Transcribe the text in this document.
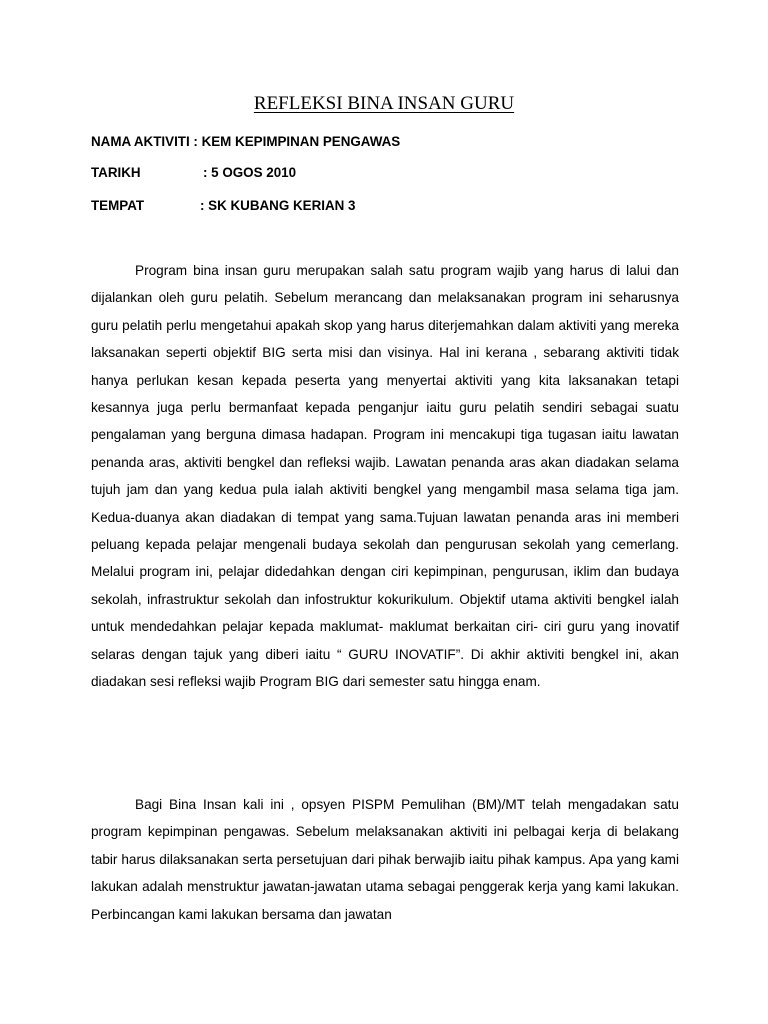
REFLEKSI BINA INSAN GURU
NAMA AKTIVITI : KEM KEPIMPINAN PENGAWAS
TARIKH	: 5 OGOS 2010
TEMPAT	: SK KUBANG KERIAN 3

Program bina insan guru merupakan salah satu program wajib yang harus di lalui dan dijalankan oleh guru pelatih. Sebelum merancang dan melaksanakan program ini seharusnya guru pelatih perlu mengetahui apakah skop yang harus diterjemahkan dalam aktiviti yang mereka laksanakan seperti objektif BIG serta misi dan visinya. Hal ini kerana , sebarang aktiviti tidak hanya perlukan kesan kepada peserta yang menyertai aktiviti yang kita laksanakan tetapi kesannya juga perlu bermanfaat kepada penganjur iaitu guru pelatih sendiri sebagai suatu pengalaman yang berguna dimasa hadapan. Program ini mencakupi tiga tugasan iaitu lawatan penanda aras, aktiviti bengkel dan refleksi wajib. Lawatan penanda aras akan diadakan selama tujuh jam dan yang kedua pula ialah aktiviti bengkel yang mengambil masa selama tiga jam. Kedua-duanya akan diadakan di tempat yang sama.Tujuan lawatan penanda aras ini memberi peluang kepada pelajar mengenali budaya sekolah dan pengurusan sekolah yang cemerlang. Melalui program ini, pelajar didedahkan dengan ciri kepimpinan, pengurusan, iklim dan budaya sekolah, infrastruktur sekolah dan infostruktur kokurikulum. Objektif utama aktiviti bengkel ialah untuk mendedahkan pelajar kepada maklumat- maklumat berkaitan ciri- ciri guru yang inovatif selaras dengan tajuk yang diberi iaitu “ GURU INOVATIF”. Di akhir aktiviti bengkel ini, akan diadakan sesi refleksi wajib Program BIG dari semester satu hingga enam.

Bagi Bina Insan kali ini , opsyen PISPM Pemulihan (BM)/MT telah mengadakan satu program kepimpinan pengawas. Sebelum melaksanakan aktiviti ini pelbagai kerja di belakang tabir harus dilaksanakan serta persetujuan dari pihak berwajib iaitu pihak kampus. Apa yang kami lakukan adalah menstruktur jawatan-jawatan utama sebagai penggerak kerja yang kami lakukan. Perbincangan kami lakukan bersama dan jawatan
